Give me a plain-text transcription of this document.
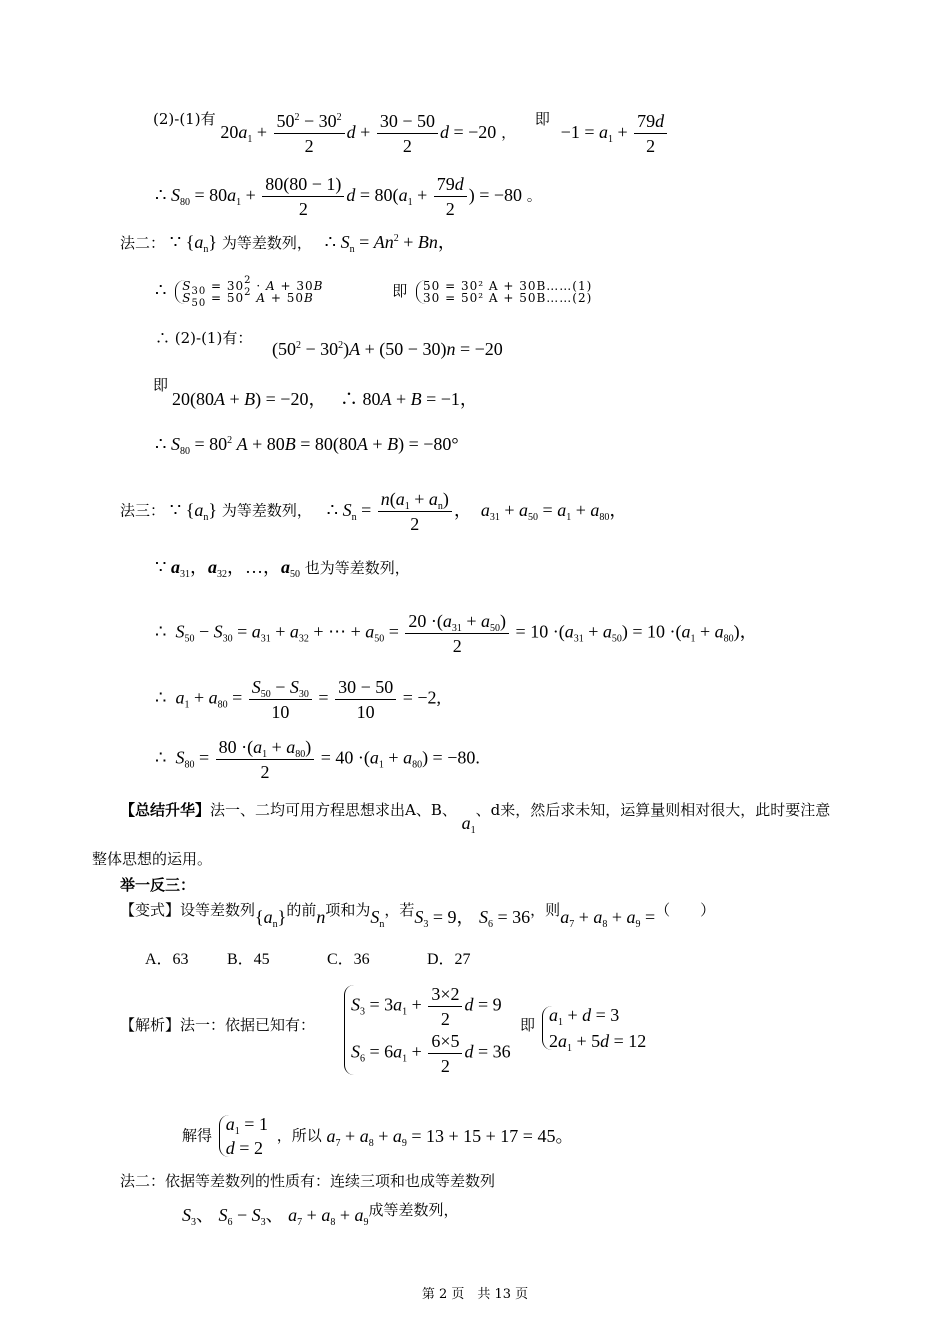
(2)-(1)有 $20a_1 + \frac{50^2 - 30^2}{2}$ $d + \frac{30 - 50}{2}$ d = −20 ， 即 $-1 = a_1 + \frac{79d}{2}$
∴ $S_{80} = 80a_1 + \frac{80(80 - 1)}{2}$ $d = 80(a_1 + \frac{79d}{2}$ ) = −80 。
法二： ∵ $\{a_n\}$ 为等差数列， ∴ $S_n = An^2 + Bn$，
∴ $S_{30} = 30^2 \cdot A + 30B$
$S_{50} = 50^2$ A + 50B	即 50 = 30² A + 30B……(1)
30 = 50² A + 50B……(2)
∴ (2)-(1)有：
$(50^2 - 30^2)A + (50 - 30)n = -20$
即
20(80A + B) = −20，   ∴ 80A + B = −1，
∴ $S_{80} = 80^2$ A + 80B = 80(80A + B) = −80°
法三： ∵ $\{a_n\}$ 为等差数列， ∴ $S_n = \frac{n(a_1 + a_n)}{2}$ ，  $a_{31} + a_{50} = a_1 + a_{80}$，
∵ $a_{31}$，$a_{32}$，…，$a_{50}$ 也为等差数列，
∴  $S_{50} - S_{30} = a_{31} + a_{32}$ + ⋯ + $a_{50} = \frac{20 \cdot(a_{31} + a_{50})}{2} = 10 \cdot(a_{31} + a_{50}) = 10 \cdot(a_1 + a_{80})$，
∴  $a_1 + a_{80} = \frac{S_{50} - S_{30}}{10} = \frac{30 - 50}{10} = -2$,
∴  $S_{80} = \frac{80 \cdot(a_1 + a_{80})}{2} = 40 \cdot(a_1 + a_{80}) = -80$.
【总结升华】法一、二均可用方程思想求出A、B、 $a_1$、d来，然后求未知，运算量则相对很大，此时要注意
整体思想的运用。
举一反三：
【变式】设等差数列$\{a_n\}$的前n项和为$S_n$，若$S_3 = 9$， $S_6 = 36$，则$a_7 + a_8 + a_9$ =（　　）
A．63 B．45	C．36	D．27
【解析】法一：依据已知有：
$S_3 = 3a_1 + \frac{3\times 2}{2}$ d = 9
$S_6 = 6a_1 + \frac{6\times 5}{2}$ d = 36
即 $a_1 + d = 3$
$2a_1 + 5d = 12$
解得
$a_1 = 1$
d = 2
，所以 $a_7 + a_8 + a_9 = 13 + 15 + 17 = 45$。
法二：依据等差数列的性质有：连续三项和也成等差数列
$S_3$、 $S_6 - S_3$、 $a_7 + a_8 + a_9$成等差数列，
第 2 页　共 13 页
